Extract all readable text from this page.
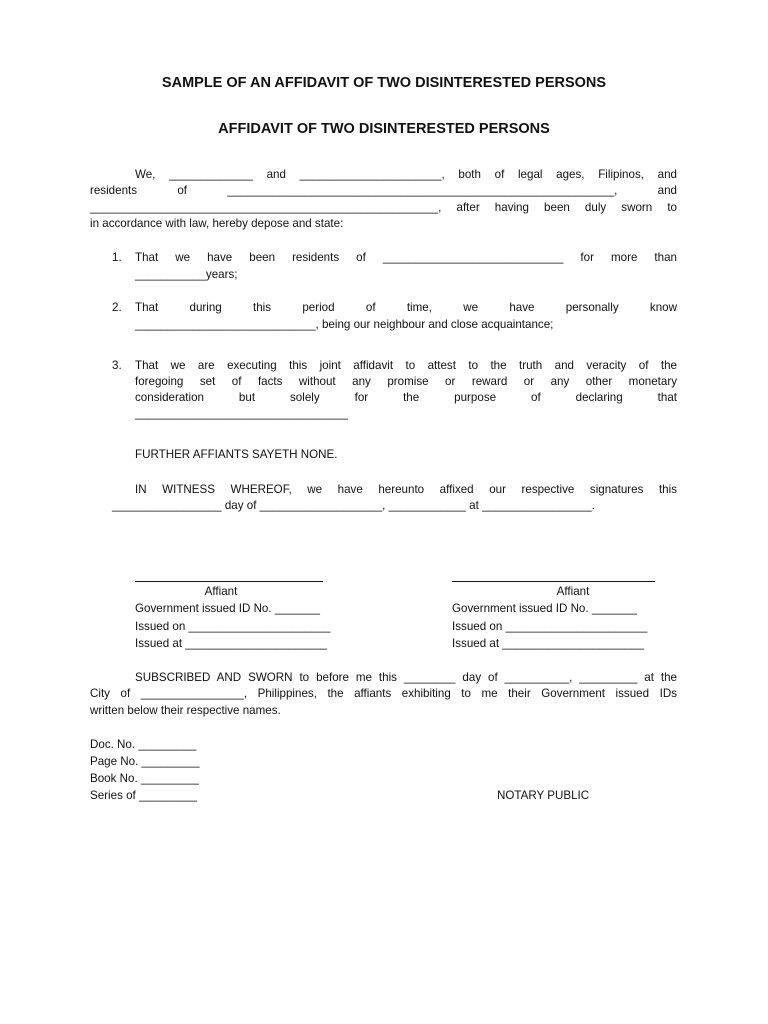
SAMPLE OF AN AFFIDAVIT OF TWO DISINTERESTED PERSONS
AFFIDAVIT OF TWO DISINTERESTED PERSONS
We, _____________ and ______________________, both of legal ages, Filipinos, and
residents of ____________________________________________________________, and
______________________________________________________, after having been duly sworn to
in accordance with law, hereby depose and state:
1. That we have been residents of ____________________________ for more than
___________years;
2. That during this period of time, we have personally know
____________________________, being our neighbour and close acquaintance;
3. That we are executing this joint affidavit to attest to the truth and veracity of the
foregoing set of facts without any promise or reward or any other monetary
consideration but solely for the purpose of declaring that
_________________________________
FURTHER AFFIANTS SAYETH NONE.
IN WITNESS WHEREOF, we have hereunto affixed our respective signatures this
_________________ day of ___________________, ____________ at _________________.
Affiant
Government issued ID No. _______
Issued on ______________________
Issued at ______________________
Affiant
Government issued ID No. _______
Issued on ______________________
Issued at ______________________
SUBSCRIBED AND SWORN to before me this ________ day of __________, _________ at the
City of ________________, Philippines, the affiants exhibiting to me their Government issued IDs
written below their respective names.
Doc. No. _________
Page No. _________
Book No. _________
Series of _________	NOTARY PUBLIC
